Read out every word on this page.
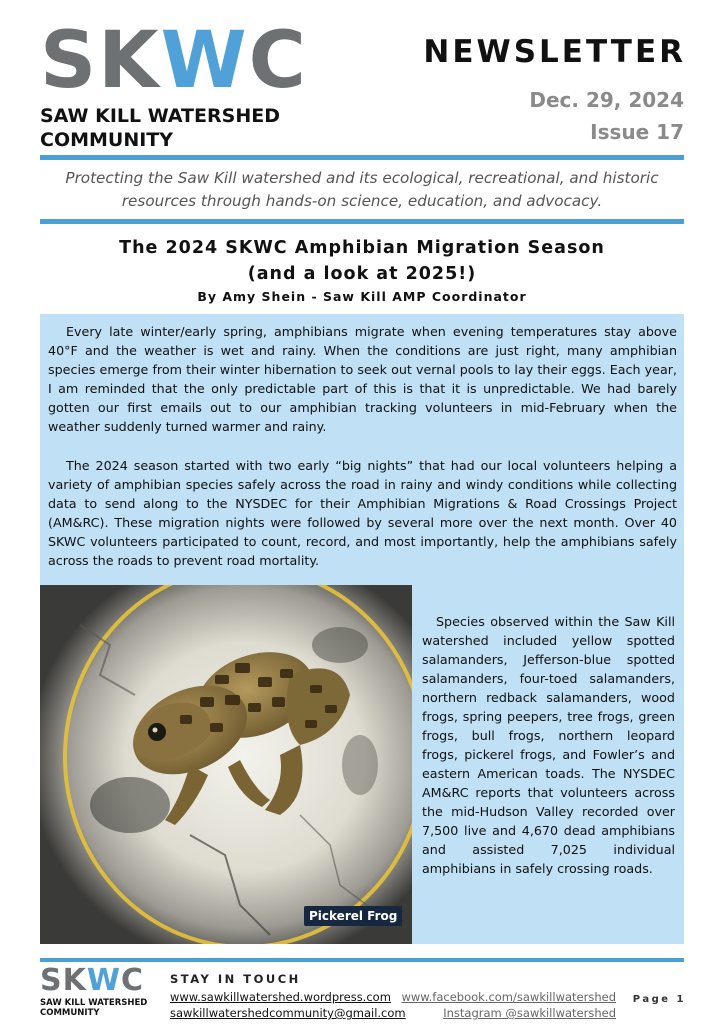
SKWC
SAW KILL WATERSHED
COMMUNITY
NEWSLETTER
Dec. 29, 2024
Issue 17
Protecting the Saw Kill watershed and its ecological, recreational, and historic
resources through hands-on science, education, and advocacy.
The 2024 SKWC Amphibian Migration Season
(and a look at 2025!)
By Amy Shein - Saw Kill AMP Coordinator

Every late winter/early spring, amphibians migrate when evening temperatures stay above 40°F and the weather is wet and rainy. When the conditions are just right, many amphibian species emerge from their winter hibernation to seek out vernal pools to lay their eggs. Each year, I am reminded that the only predictable part of this is that it is unpredictable. We had barely gotten our first emails out to our amphibian tracking volunteers in mid-February when the weather suddenly turned warmer and rainy.

The 2024 season started with two early “big nights” that had our local volunteers helping a variety of amphibian species safely across the road in rainy and windy conditions while collecting data to send along to the NYSDEC for their Amphibian Migrations & Road Crossings Project (AM&RC). These migration nights were followed by several more over the next month. Over 40 SKWC volunteers participated to count, record, and most importantly, help the amphibians safely across the roads to prevent road mortality.

Pickerel Frog

Species observed within the Saw Kill watershed included yellow spotted salamanders, Jefferson-blue spotted salamanders, four-toed salamanders, northern redback salamanders, wood frogs, spring peepers, tree frogs, green frogs, bull frogs, northern leopard frogs, pickerel frogs, and Fowler’s and eastern American toads. The NYSDEC AM&RC reports that volunteers across the mid-Hudson Valley recorded over 7,500 live and 4,670 dead amphibians and assisted 7,025 individual amphibians in safely crossing roads.

SKWC
SAW KILL WATERSHED
COMMUNITY
STAY IN TOUCH
www.sawkillwatershed.wordpress.com
sawkillwatershedcommunity@gmail.com
www.facebook.com/sawkillwatershed
Instagram @sawkillwatershed
Page 1
